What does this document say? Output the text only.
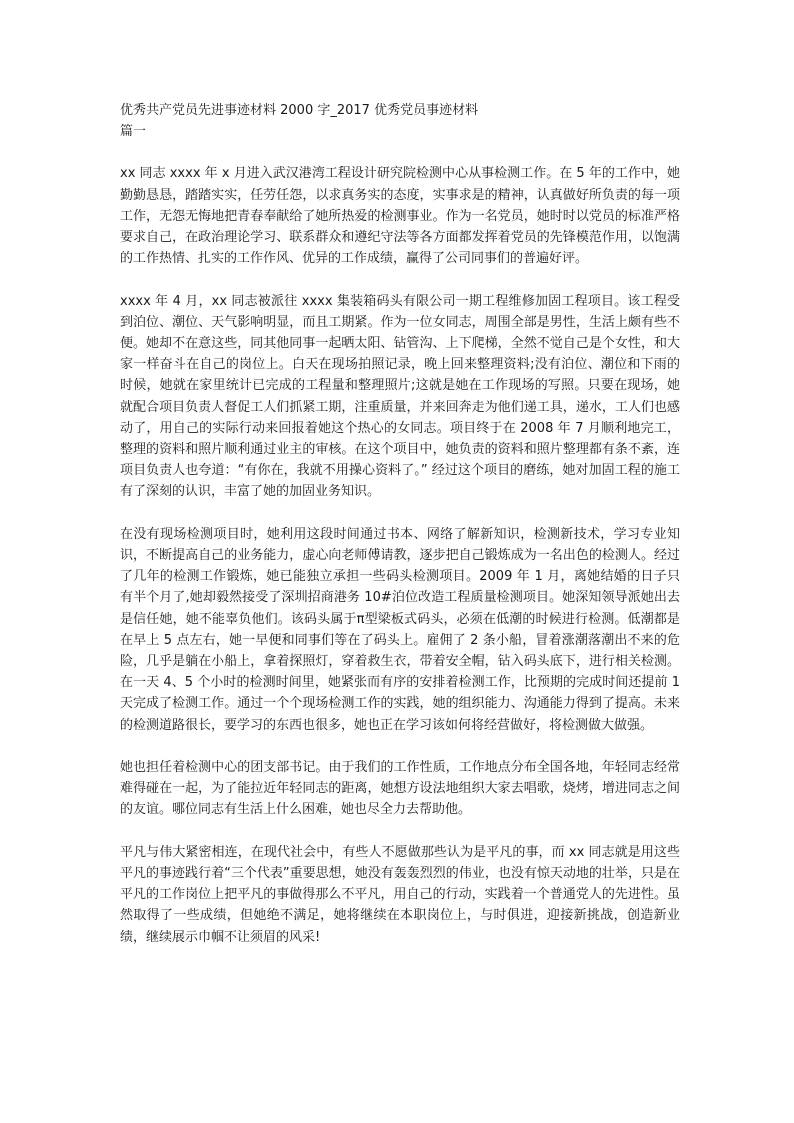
优秀共产党员先进事迹材料 2000 字_2017 优秀党员事迹材料

篇一

xx 同志 xxxx 年 x 月进入武汉港湾工程设计研究院检测中心从事检测工作。在 5 年的工作中，她勤勤恳恳，踏踏实实，任劳任怨，以求真务实的态度，实事求是的精神，认真做好所负责的每一项工作，无怨无悔地把青春奉献给了她所热爱的检测事业。作为一名党员，她时时以党员的标准严格要求自己，在政治理论学习、联系群众和遵纪守法等各方面都发挥着党员的先锋模范作用，以饱满的工作热情、扎实的工作作风、优异的工作成绩，赢得了公司同事们的普遍好评。

xxxx 年 4 月，xx 同志被派往 xxxx 集装箱码头有限公司一期工程维修加固工程项目。该工程受到泊位、潮位、天气影响明显，而且工期紧。作为一位女同志，周围全部是男性，生活上颇有些不便。她却不在意这些，同其他同事一起晒太阳、钻管沟、上下爬梯，全然不觉自己是个女性，和大家一样奋斗在自己的岗位上。白天在现场拍照记录，晚上回来整理资料;没有泊位、潮位和下雨的时候，她就在家里统计已完成的工程量和整理照片;这就是她在工作现场的写照。只要在现场，她就配合项目负责人督促工人们抓紧工期，注重质量，并来回奔走为他们递工具，递水，工人们也感动了，用自己的实际行动来回报着她这个热心的女同志。项目终于在 2008 年 7 月顺利地完工，整理的资料和照片顺利通过业主的审核。在这个项目中，她负责的资料和照片整理都有条不紊，连项目负责人也夸道：“有你在，我就不用操心资料了。” 经过这个项目的磨练，她对加固工程的施工有了深刻的认识，丰富了她的加固业务知识。

在没有现场检测项目时，她利用这段时间通过书本、网络了解新知识，检测新技术，学习专业知识，不断提高自己的业务能力，虚心向老师傅请教，逐步把自己锻炼成为一名出色的检测人。经过了几年的检测工作锻炼，她已能独立承担一些码头检测项目。2009 年 1 月，离她结婚的日子只有半个月了,她却毅然接受了深圳招商港务 10#泊位改造工程质量检测项目。她深知领导派她出去是信任她，她不能辜负他们。该码头属于π型梁板式码头，必须在低潮的时候进行检测。低潮都是在早上 5 点左右，她一早便和同事们等在了码头上。雇佣了 2 条小船，冒着涨潮落潮出不来的危险，几乎是躺在小船上，拿着探照灯，穿着救生衣，带着安全帽，钻入码头底下，进行相关检测。在一天 4、5 个小时的检测时间里，她紧张而有序的安排着检测工作，比预期的完成时间还提前 1 天完成了检测工作。通过一个个现场检测工作的实践，她的组织能力、沟通能力得到了提高。未来的检测道路很长，要学习的东西也很多，她也正在学习该如何将经营做好，将检测做大做强。

她也担任着检测中心的团支部书记。由于我们的工作性质，工作地点分布全国各地，年轻同志经常难得碰在一起，为了能拉近年轻同志的距离，她想方设法地组织大家去唱歌，烧烤，增进同志之间的友谊。哪位同志有生活上什么困难，她也尽全力去帮助他。

平凡与伟大紧密相连，在现代社会中，有些人不愿做那些认为是平凡的事，而 xx 同志就是用这些平凡的事迹践行着“三个代表”重要思想，她没有轰轰烈烈的伟业，也没有惊天动地的壮举，只是在平凡的工作岗位上把平凡的事做得那么不平凡，用自己的行动，实践着一个普通党人的先进性。虽然取得了一些成绩，但她绝不满足，她将继续在本职岗位上，与时俱进，迎接新挑战，创造新业绩，继续展示巾帼不让须眉的风采!
